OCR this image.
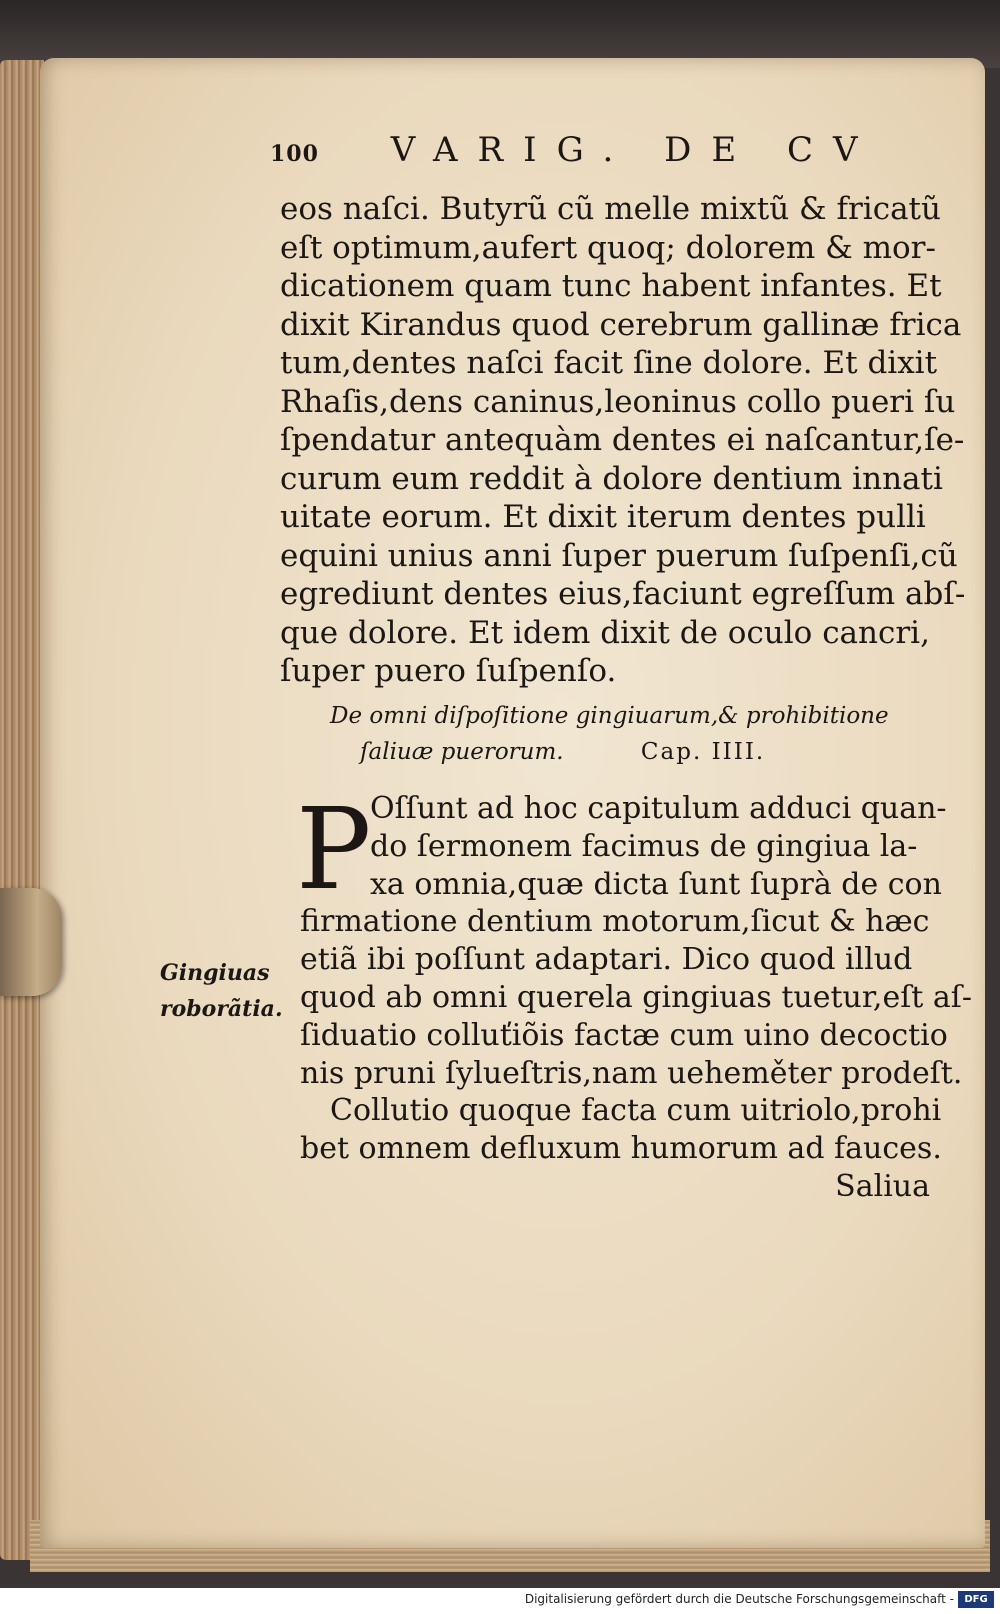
100 VARIG. DE CV
eos naſci. Butyrũ cũ melle mixtũ & fricatũ
eſt optimum,aufert quoq; dolorem & mor-
dicationem quam tunc habent infantes. Et
dixit Kirandus quod cerebrum gallinæ frica
tum,dentes naſci facit ſine dolore. Et dixit
Rhaſis,dens caninus,leoninus collo pueri ſu
ſpendatur antequàm dentes ei naſcantur,ſe-
curum eum reddit à dolore dentium innati
uitate eorum. Et dixit iterum dentes pulli
equini unius anni ſuper puerum ſuſpenſi,cũ
egrediunt dentes eius,faciunt egreſſum abſ-
que dolore. Et idem dixit de oculo cancri,
ſuper puero ſuſpenſo.
De omni diſpoſitione gingiuarum,& prohibitione
ſaliuæ puerorum.	Cap. IIII.
P
Oſſunt ad hoc capitulum adduci quan-
do ſermonem facimus de gingiua la-
xa omnia,quæ dicta ſunt ſuprà de con
firmatione dentium motorum,ſicut & hæc
etiã ibi poſſunt adaptari. Dico quod illud
quod ab omni querela gingiuas tuetur,eſt aſ-
ſiduatio colluťiõis factæ cum uino decoctio
nis pruni ſylueſtris,nam ueheměter prodeſt.
Collutio quoque facta cum uitriolo,prohi
bet omnem defluxum humorum ad fauces.
Saliua
Gingiuas
roborãtia.
Digitalisierung gefördert durch die Deutsche Forschungsgemeinschaft -	DFG
